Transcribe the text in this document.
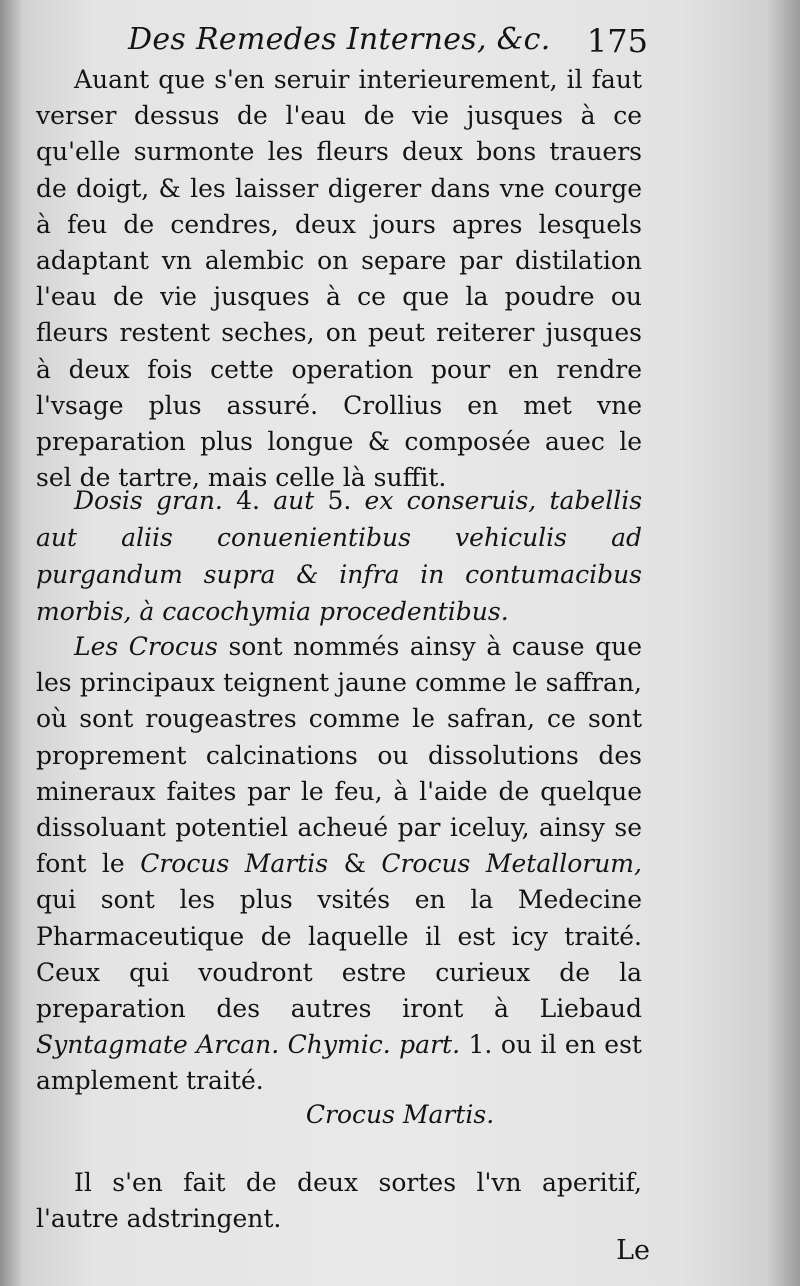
Des Remedes Internes, &c. 175

Auant que s'en seruir interieurement, il faut verser dessus de l'eau de vie jusques à ce qu'elle surmonte les fleurs deux bons trauers de doigt, & les laisser digerer dans vne courge à feu de cendres, deux jours apres lesquels adaptant vn alembic on separe par distilation l'eau de vie jusques à ce que la poudre ou fleurs restent seches, on peut reiterer jusques à deux fois cette operation pour en rendre l'vsage plus assuré. Crollius en met vne preparation plus longue & composée auec le sel de tartre, mais celle là suffit.

Dosis gran. 4. aut 5. ex conseruis, tabellis aut aliis conuenientibus vehiculis ad purgandum supra & infra in contumacibus morbis, à cacochymia procedentibus.

Les Crocus sont nommés ainsy à cause que les principaux teignent jaune comme le saffran, où sont rougeastres comme le safran, ce sont proprement calcinations ou dissolutions des mineraux faites par le feu, à l'aide de quelque dissoluant potentiel acheué par iceluy, ainsy se font le Crocus Martis & Crocus Metallorum, qui sont les plus vsités en la Medecine Pharmaceutique de laquelle il est icy traité. Ceux qui voudront estre curieux de la preparation des autres iront à Liebaud Syntagmate Arcan. Chymic. part. 1. ou il en est amplement traité.

Crocus Martis.

Il s'en fait de deux sortes l'vn aperitif, l'autre adstringent.

Le
